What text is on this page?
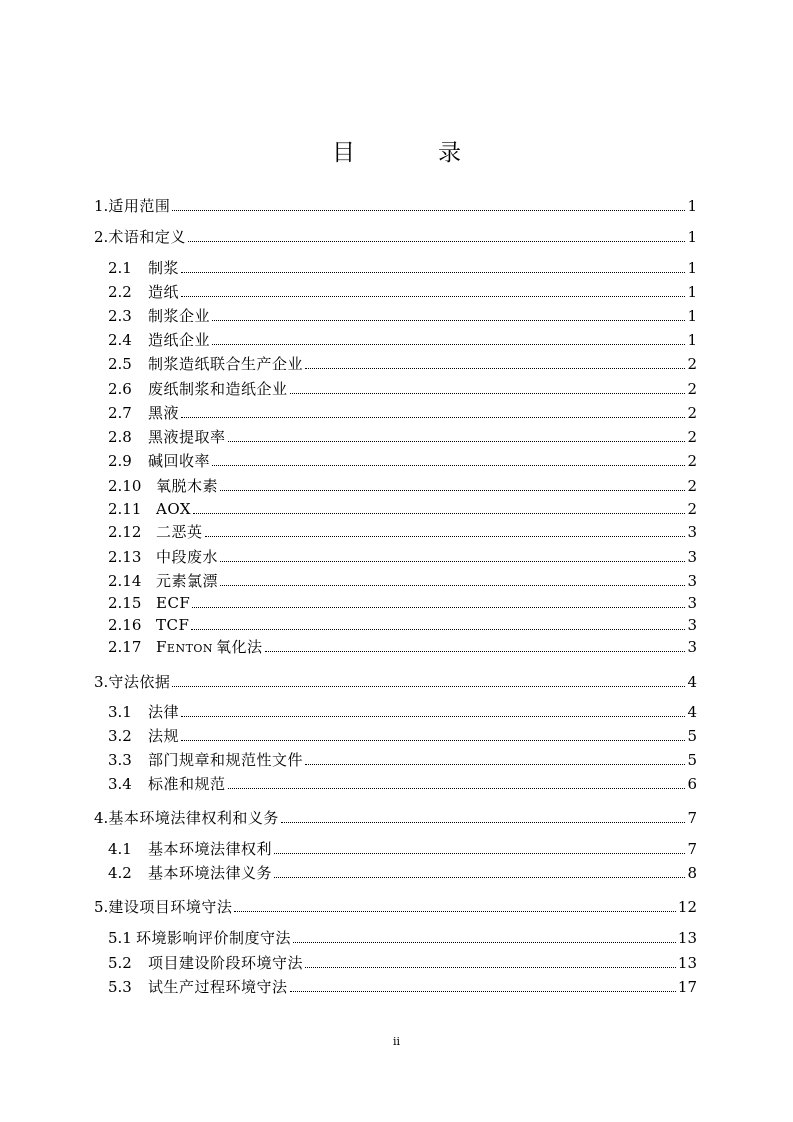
目　录
1. 适用范围	1
2. 术语和定义	1
2.1	制浆	1
2.2	造纸	1
2.3	制浆企业	1
2.4	造纸企业	1
2.5	制浆造纸联合生产企业	2
2.6	废纸制浆和造纸企业	2
2.7	黑液	2
2.8	黑液提取率	2
2.9	碱回收率	2
2.10 氧脱木素	2
2.11 AOX	2
2.12 二恶英	3
2.13 中段废水	3
2.14 元素氯漂	3
2.15 ECF	3
2.16 TCF	3
2.17 Fenton 氧化法	3
3. 守法依据	4
3.1	法律	4
3.2	法规	5
3.3	部门规章和规范性文件	5
3.4	标准和规范	6
4. 基本环境法律权利和义务	7
4.1	基本环境法律权利	7
4.2	基本环境法律义务	8
5. 建设项目环境守法	12
5.1 环境影响评价制度守法	13
5.2	项目建设阶段环境守法	13
5.3	试生产过程环境守法	17
ii
